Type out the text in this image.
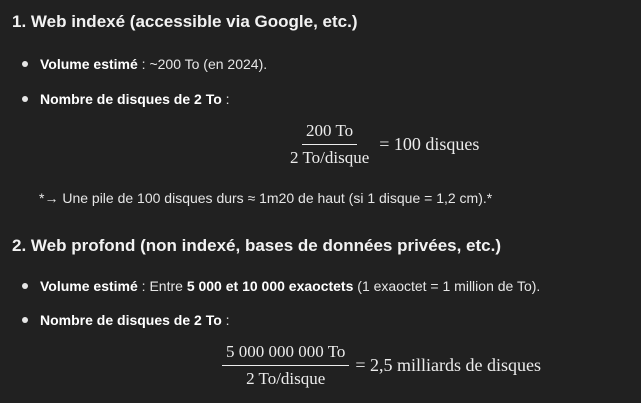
1. Web indexé (accessible via Google, etc.)
Volume estimé : ~200 To (en 2024).
Nombre de disques de 2 To :
$\frac{200 To}{\text{2 To/disque}} = 100$ disques
*→ Une pile de 100 disques durs ≈ 1m20 de haut (si 1 disque = 1,2 cm).*
2. Web profond (non indexé, bases de données privées, etc.)
Volume estimé : Entre 5 000 et 10 000 exaoctets (1 exaoctet = 1 million de To).
Nombre de disques de 2 To :
$\frac{5 000 000 000 To}{\text{2 To/disque}} = 2,5$ milliards de disques
